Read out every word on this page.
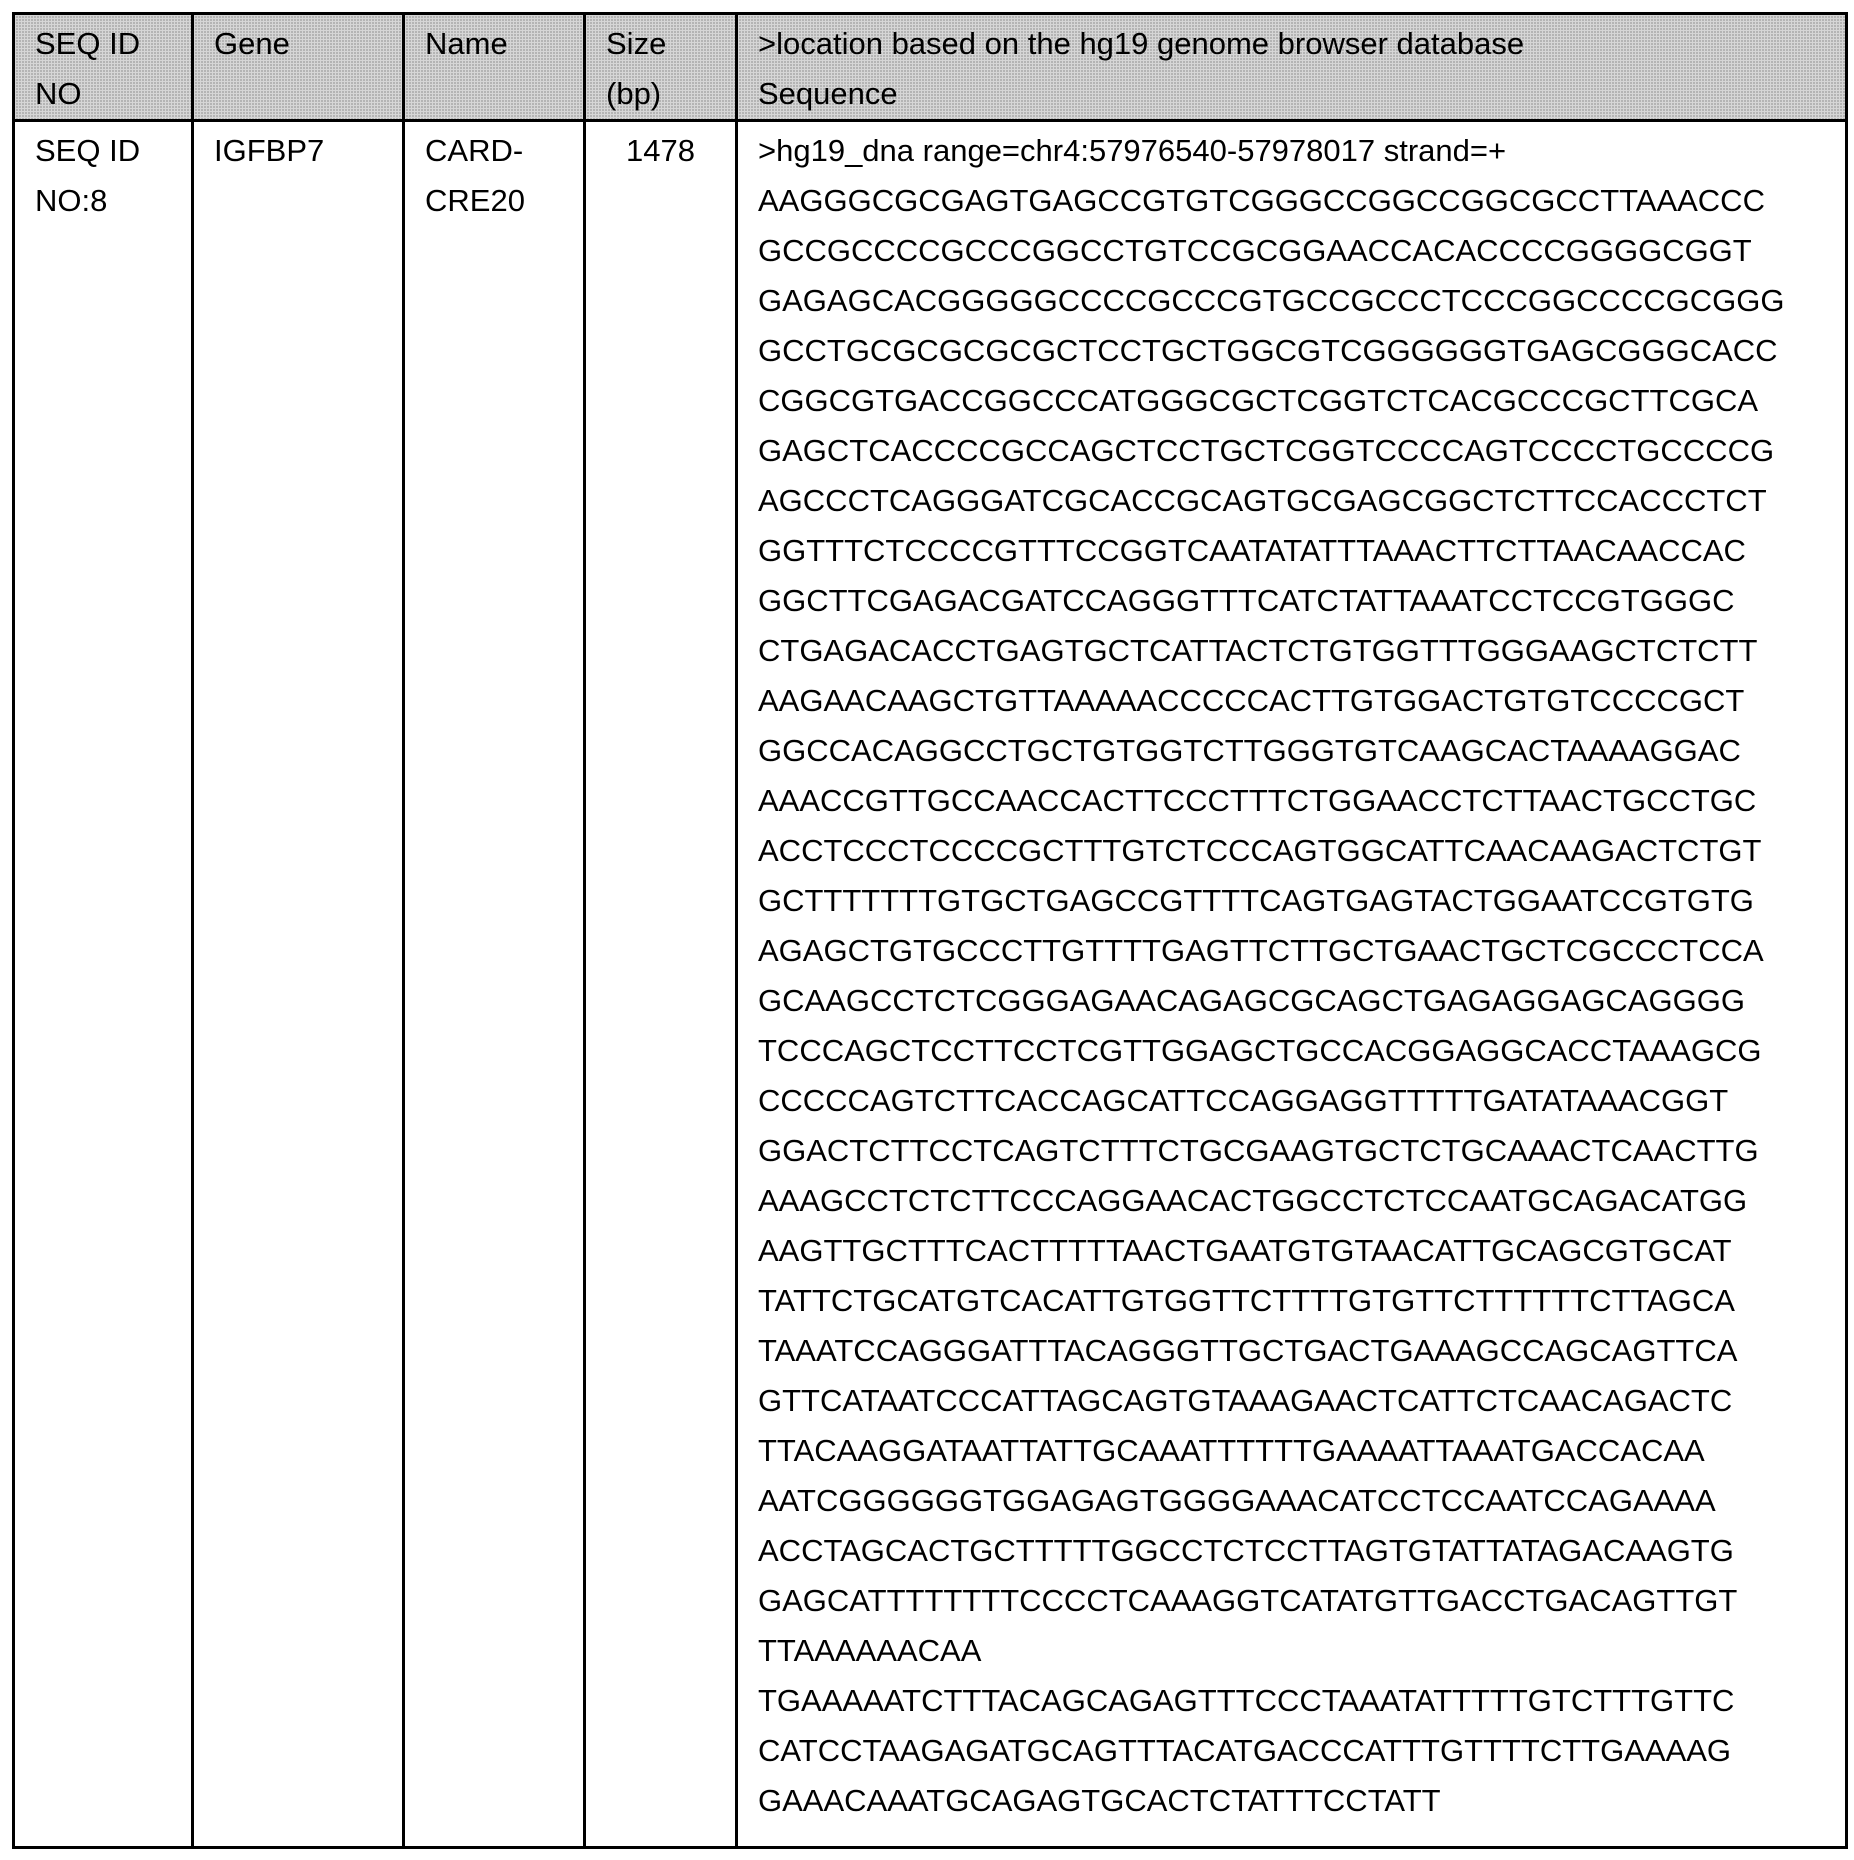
SEQ ID
NO
	Gene	Name	Size
(bp)

>location based on the hg19 genome browser database
Sequence

SEQ ID
NO:8
	IGFBP7	CARD-
CRE20
	1478	>hg19_dna range=chr4:57976540-57978017 strand=+
AAGGGCGCGAGTGAGCCGTGTCGGGCCGGCCGGCGCCTTAAACCC
GCCGCCCCGCCCGGCCTGTCCGCGGAACCACACCCCGGGGCGGT
GAGAGCACGGGGGCCCCGCCCGTGCCGCCCTCCCGGCCCCGCGGG
GCCTGCGCGCGCGCTCCTGCTGGCGTCGGGGGGTGAGCGGGCACC
CGGCGTGACCGGCCCATGGGCGCTCGGTCTCACGCCCGCTTCGCA
GAGCTCACCCCGCCAGCTCCTGCTCGGTCCCCAGTCCCCTGCCCCG
AGCCCTCAGGGATCGCACCGCAGTGCGAGCGGCTCTTCCACCCTCT
GGTTTCTCCCCGTTTCCGGTCAATATATTTAAACTTCTTAACAACCAC
GGCTTCGAGACGATCCAGGGTTTCATCTATTAAATCCTCCGTGGGC
CTGAGACACCTGAGTGCTCATTACTCTGTGGTTTGGGAAGCTCTCTT
AAGAACAAGCTGTTAAAAACCCCCACTTGTGGACTGTGTCCCCGCT
GGCCACAGGCCTGCTGTGGTCTTGGGTGTCAAGCACTAAAAGGAC
AAACCGTTGCCAACCACTTCCCTTTCTGGAACCTCTTAACTGCCTGC
ACCTCCCTCCCCGCTTTGTCTCCCAGTGGCATTCAACAAGACTCTGT
GCTTTTTTTGTGCTGAGCCGTTTTCAGTGAGTACTGGAATCCGTGTG
AGAGCTGTGCCCTTGTTTTGAGTTCTTGCTGAACTGCTCGCCCTCCA
GCAAGCCTCTCGGGAGAACAGAGCGCAGCTGAGAGGAGCAGGGG
TCCCAGCTCCTTCCTCGTTGGAGCTGCCACGGAGGCACCTAAAGCG
CCCCCAGTCTTCACCAGCATTCCAGGAGGTTTTTGATATAAACGGT
GGACTCTTCCTCAGTCTTTCTGCGAAGTGCTCTGCAAACTCAACTTG
AAAGCCTCTCTTCCCAGGAACACTGGCCTCTCCAATGCAGACATGG
AAGTTGCTTTCACTTTTTAACTGAATGTGTAACATTGCAGCGTGCAT
TATTCTGCATGTCACATTGTGGTTCTTTTGTGTTCTTTTTTCTTAGCA
TAAATCCAGGGATTTACAGGGTTGCTGACTGAAAGCCAGCAGTTCA
GTTCATAATCCCATTAGCAGTGTAAAGAACTCATTCTCAACAGACTC
TTACAAGGATAATTATTGCAAATTTTTTGAAAATTAAATGACCACAA
AATCGGGGGGTGGAGAGTGGGGAAACATCCTCCAATCCAGAAAA
ACCTAGCACTGCTTTTTGGCCTCTCCTTAGTGTATTATAGACAAGTG
GAGCATTTTTTTTCCCCTCAAAGGTCATATGTTGACCTGACAGTTGT
TTAAAAAACAA
TGAAAAATCTTTACAGCAGAGTTTCCCTAAATATTTTTGTCTTTGTTC
CATCCTAAGAGATGCAGTTTACATGACCCATTTGTTTTCTTGAAAAG
GAAACAAATGCAGAGTGCACTCTATTTCCTATT
